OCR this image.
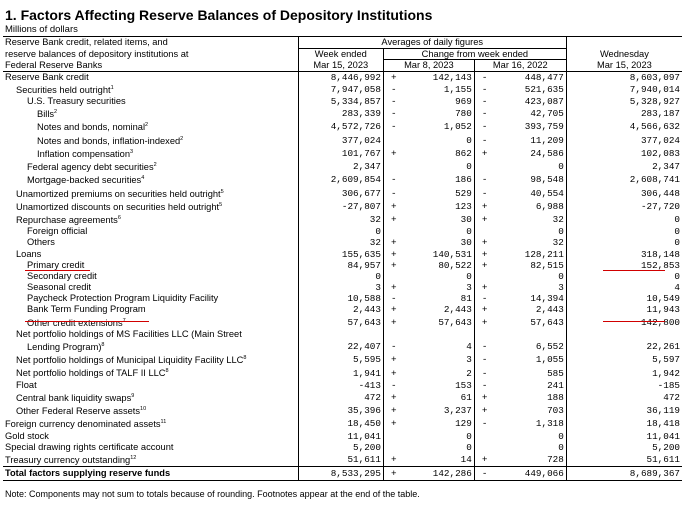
1. Factors Affecting Reserve Balances of Depository Institutions
Millions of dollars
Reserve Bank credit, related items, and	Averages of daily figures						
reserve balances of depository institutions at	Week ended	Change from week ended				Wednesday	
Federal Reserve Banks	Mar 15, 2023	Mar 8, 2023		Mar 16, 2022		Mar 15, 2023	
Reserve Bank credit	8,446,992	+	142,143	-	448,477		8,603,097
Securities held outright$^1$	7,947,058	-	1,155	-	521,635		7,940,014
U.S. Treasury securities	5,334,857	-	969	-	423,087		5,328,927
Bills$^2$	283,339	-	780	-	42,705		283,187
Notes and bonds, nominal$^2$	4,572,726	-	1,052	-	393,759		4,566,632
Notes and bonds, inflation-indexed$^2$	377,024		0	-	11,209		377,024
Inflation compensation$^3$	101,767	+	862	+	24,586		102,083
Federal agency debt securities$^2$	2,347		0		0		2,347
Mortgage-backed securities$^4$	2,609,854	-	186	-	98,548		2,608,741
Unamortized premiums on securities held outright$^5$	306,677	-	529	-	40,554		306,448
Unamortized discounts on securities held outright$^5$	-27,807	+	123	+	6,988		-27,720
Repurchase agreements$^6$	32	+	30	+	32		0
Foreign official	0		0		0		0
Others	32	+	30	+	32		0
Loans	155,635	+	140,531	+	128,211		318,148
Primary credit	84,957	+	80,522	+	82,515		152,853
Secondary credit	0		0		0		0
Seasonal credit	3	+	3	+	3		4
Paycheck Protection Program Liquidity Facility	10,588	-	81	-	14,394		10,549
Bank Term Funding Program	2,443	+	2,443	+	2,443		11,943
Other credit extensions$^7$	57,643	+	57,643	+	57,643		142,800
Net portfolio holdings of MS Facilities LLC (Main Street							
Lending Program)$^8$	22,407	-	4	-	6,552		22,261
Net portfolio holdings of Municipal Liquidity Facility LLC$^8$	5,595	+	3	-	1,055		5,597
Net portfolio holdings of TALF II LLC$^8$	1,941	+	2	-	585		1,942
Float	-413	-	153	-	241		-185
Central bank liquidity swaps$^9$	472	+	61	+	188		472
Other Federal Reserve assets$^{10}$	35,396	+	3,237	+	703		36,119
Foreign currency denominated assets$^{11}$	18,450	+	129	-	1,318		18,418
Gold stock	11,041		0		0		11,041
Special drawing rights certificate account	5,200		0		0		5,200
Treasury currency outstanding$^{12}$	51,611	+	14	+	728		51,611
Total factors supplying reserve funds	8,533,295	+	142,286	-	449,066		8,689,367
Note: Components may not sum to totals because of rounding. Footnotes appear at the end of the table.
